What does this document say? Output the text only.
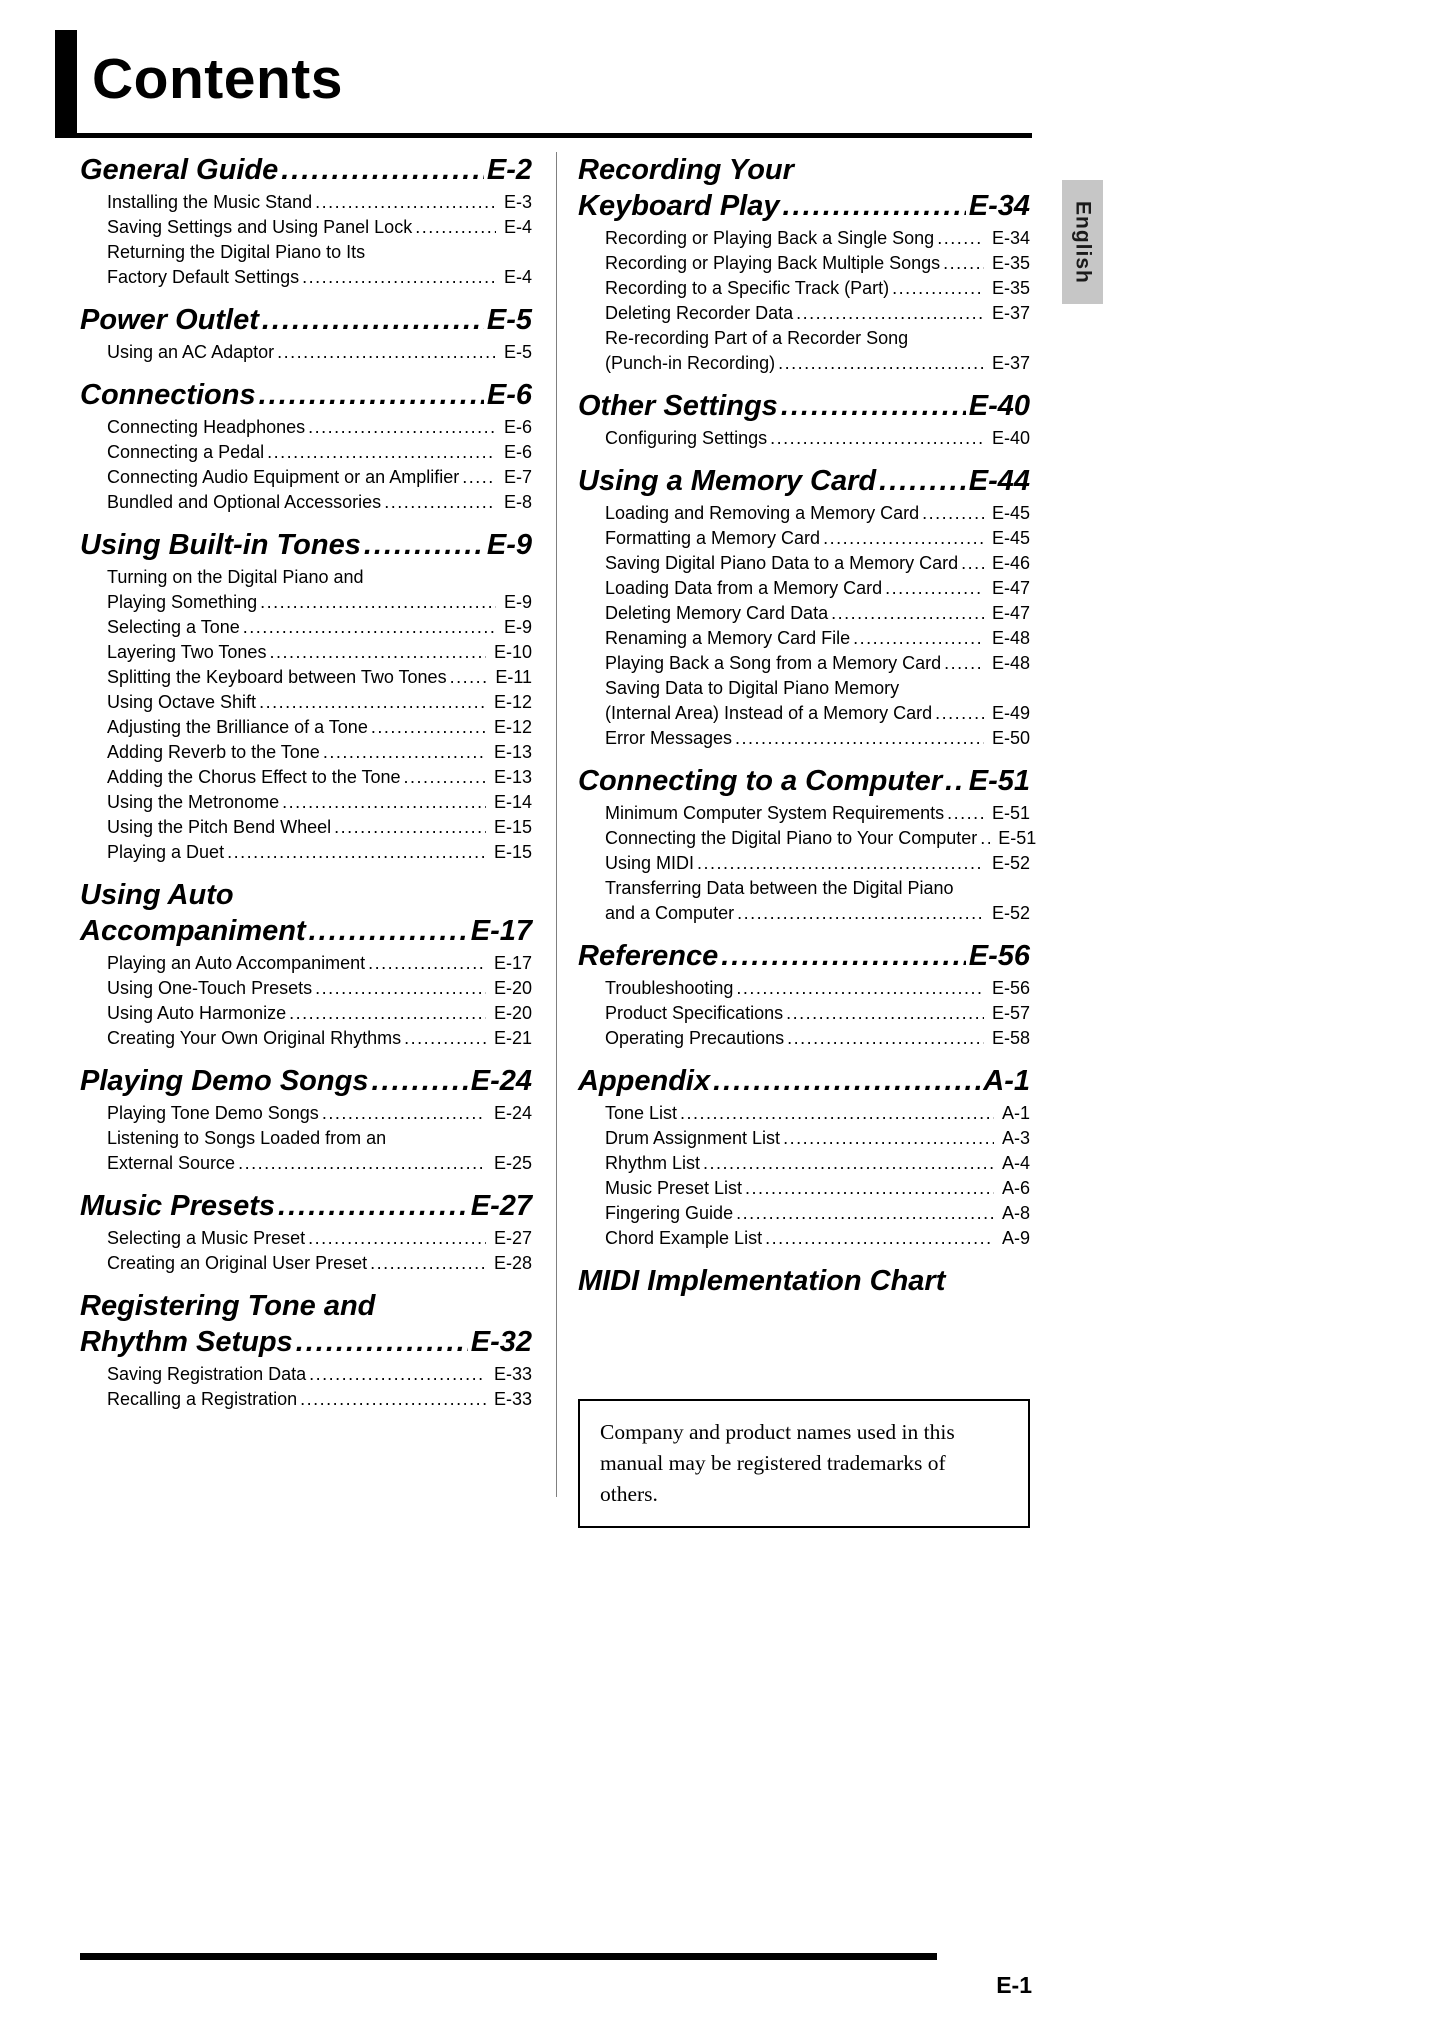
Contents
English
General Guide .....	E-2
Installing the Music Stand .....	E-3
Saving Settings and Using Panel Lock .....	E-4
Returning the Digital Piano to Its
Factory Default Settings .....	E-4
Power Outlet .....	E-5
Using an AC Adaptor .....	E-5
Connections .....	E-6
Connecting Headphones .....	E-6
Connecting a Pedal .....	E-6
Connecting Audio Equipment or an Amplifier ..... E-7
Bundled and Optional Accessories .....	E-8
Using Built-in Tones .....	E-9
Turning on the Digital Piano and
Playing Something .....	E-9
Selecting a Tone .....	E-9
Layering Two Tones .....	E-10
Splitting the Keyboard between Two Tones .....	E-11
Using Octave Shift .....	E-12
Adjusting the Brilliance of a Tone .....	E-12
Adding Reverb to the Tone .....	E-13
Adding the Chorus Effect to the Tone .....	E-13
Using the Metronome .....	E-14
Using the Pitch Bend Wheel .....	E-15
Playing a Duet .....	E-15
Using Auto
Accompaniment .....	E-17
Playing an Auto Accompaniment .....	E-17
Using One-Touch Presets .....	E-20
Using Auto Harmonize .....	E-20
Creating Your Own Original Rhythms .....	E-21
Playing Demo Songs .....	E-24
Playing Tone Demo Songs .....	E-24
Listening to Songs Loaded from an
External Source .....	E-25
Music Presets .....	E-27
Selecting a Music Preset .....	E-27
Creating an Original User Preset .....	E-28
Registering Tone and
Rhythm Setups .....	E-32
Saving Registration Data .....	E-33
Recalling a Registration .....	E-33
Recording Your
Keyboard Play .....	E-34
Recording or Playing Back a Single Song .....	E-34
Recording or Playing Back Multiple Songs .....	E-35
Recording to a Specific Track (Part) .....	E-35
Deleting Recorder Data .....	E-37
Re-recording Part of a Recorder Song
(Punch-in Recording) .....	E-37
Other Settings .....	E-40
Configuring Settings .....	E-40
Using a Memory Card .....	E-44
Loading and Removing a Memory Card .....	E-45
Formatting a Memory Card .....	E-45
Saving Digital Piano Data to a Memory Card ..... E-46
Loading Data from a Memory Card .....	E-47
Deleting Memory Card Data .....	E-47
Renaming a Memory Card File .....	E-48
Playing Back a Song from a Memory Card .....	E-48
Saving Data to Digital Piano Memory
(Internal Area) Instead of a Memory Card .....	E-49
Error Messages .....	E-50
Connecting to a Computer ..... E-51
Minimum Computer System Requirements .....	E-51
Connecting the Digital Piano to Your Computer ..... E-51
Using MIDI .....	E-52
Transferring Data between the Digital Piano
and a Computer .....	E-52
Reference .....	E-56
Troubleshooting .....	E-56
Product Specifications .....	E-57
Operating Precautions .....	E-58
Appendix .....	A-1
Tone List .....	A-1
Drum Assignment List .....	A-3
Rhythm List .....	A-4
Music Preset List .....	A-6
Fingering Guide .....	A-8
Chord Example List .....	A-9
MIDI Implementation Chart
Company and product names used in this
manual may be registered trademarks of others.
E-1
